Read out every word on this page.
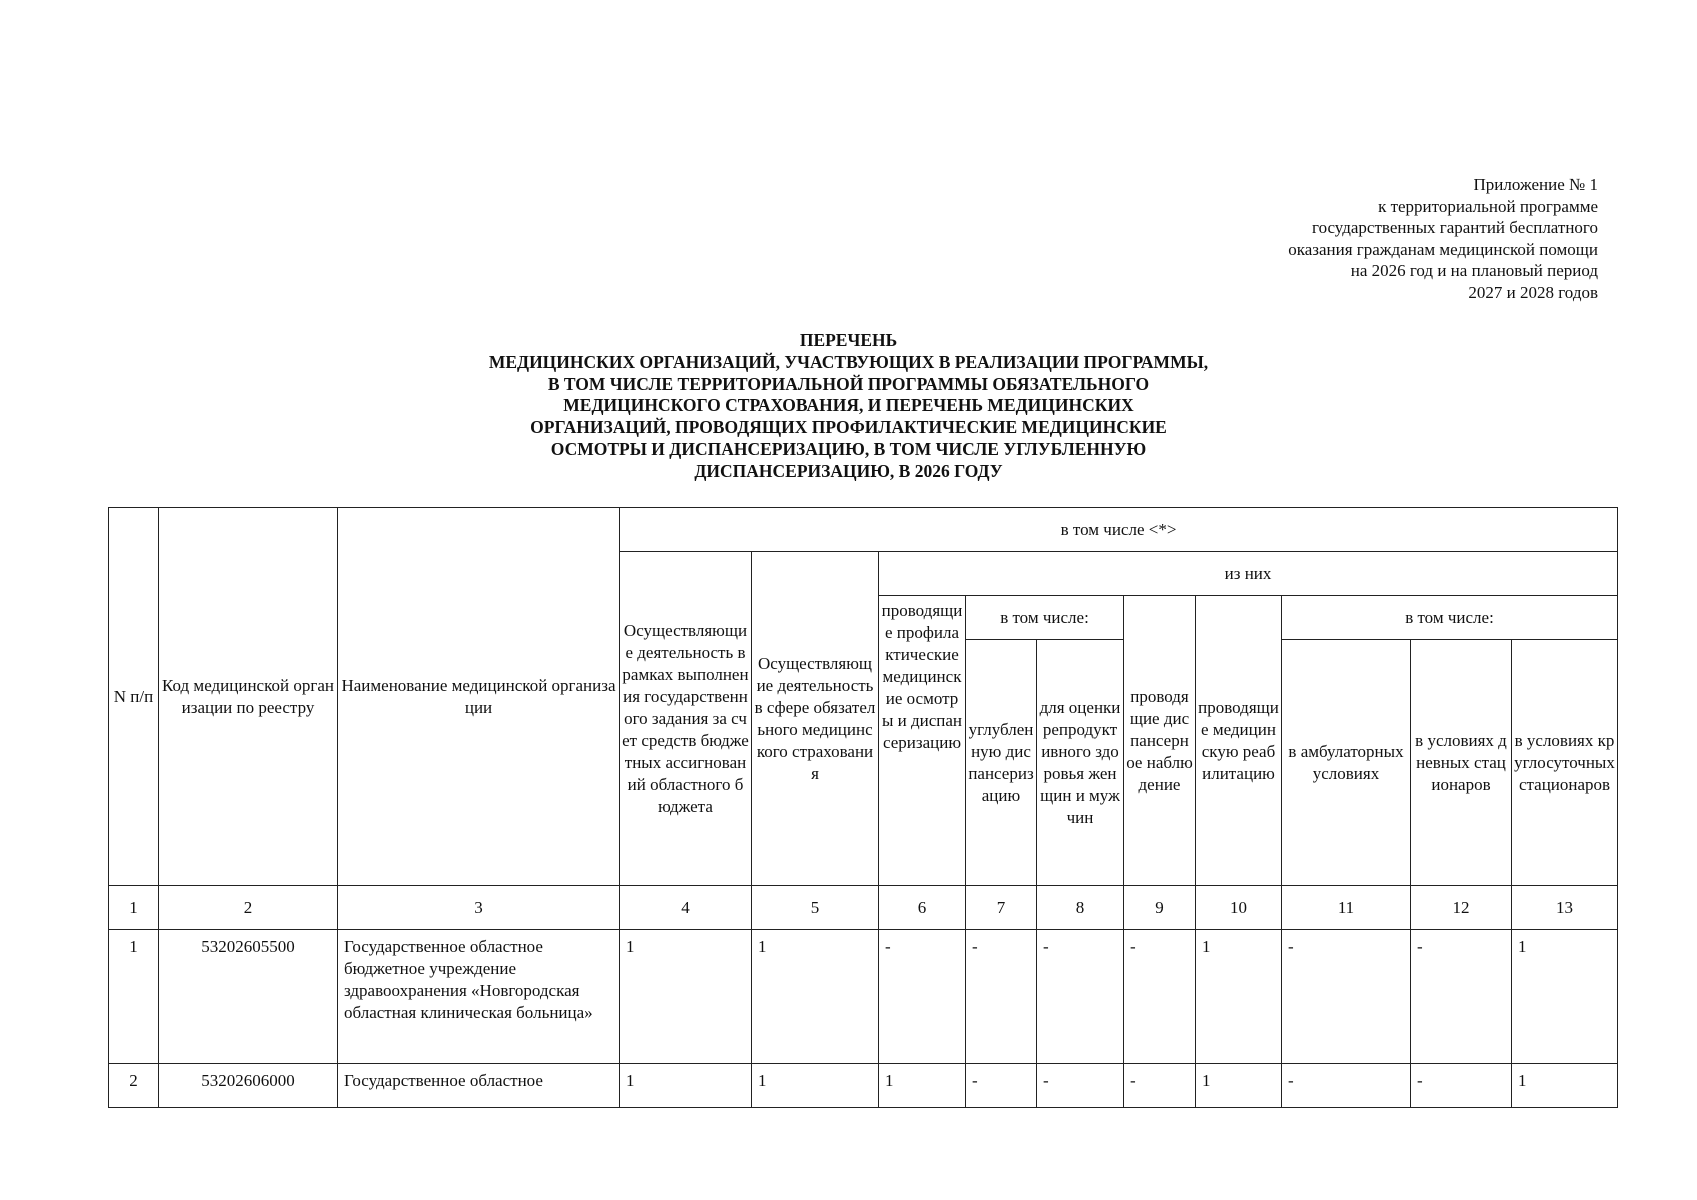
Приложение № 1
к территориальной программе
государственных гарантий бесплатного
оказания гражданам медицинской помощи
на 2026 год и на плановый период
2027 и 2028 годов
ПЕРЕЧЕНЬ
МЕДИЦИНСКИХ ОРГАНИЗАЦИЙ, УЧАСТВУЮЩИХ В РЕАЛИЗАЦИИ ПРОГРАММЫ,
В ТОМ ЧИСЛЕ ТЕРРИТОРИАЛЬНОЙ ПРОГРАММЫ ОБЯЗАТЕЛЬНОГО
МЕДИЦИНСКОГО СТРАХОВАНИЯ, И ПЕРЕЧЕНЬ МЕДИЦИНСКИХ
ОРГАНИЗАЦИЙ, ПРОВОДЯЩИХ ПРОФИЛАКТИЧЕСКИЕ МЕДИЦИНСКИЕ
ОСМОТРЫ И ДИСПАНСЕРИЗАЦИЮ, В ТОМ ЧИСЛЕ УГЛУБЛЕННУЮ
ДИСПАНСЕРИЗАЦИЮ, В 2026 ГОДУ
N п/п	Код медицинской организации по реестру	Наименование медицинской организации	в том числе <*>									
			Осуществляющие деятельность в рамках выполнения государственного задания за счет средств бюджетных ассигнований областного бюджета	Осуществляющие деятельность в сфере обязательного медицинского страхования	из них							
					проводящие профилактические медицинские осмотры и диспансеризацию	в том числе:		проводящие диспансерное наблюдение	проводящие медицинскую реабилитацию	в том числе:		
						углубленную диспансеризацию	для оценки репродуктивного здоровья женщин и мужчин			в амбулаторных условиях	в условиях дневных стационаров	в условиях круглосуточных стационаров
1	2	3	4	5	6	7	8	9	10	11	12	13
1	53202605500	Государственное областное бюджетное учреждение здравоохранения «Новгородская областная клиническая больница»	1	1	-	-	-	-	1	-	-	1
2	53202606000	Государственное областное	1	1	1	-	-	-	1	-	-	1
